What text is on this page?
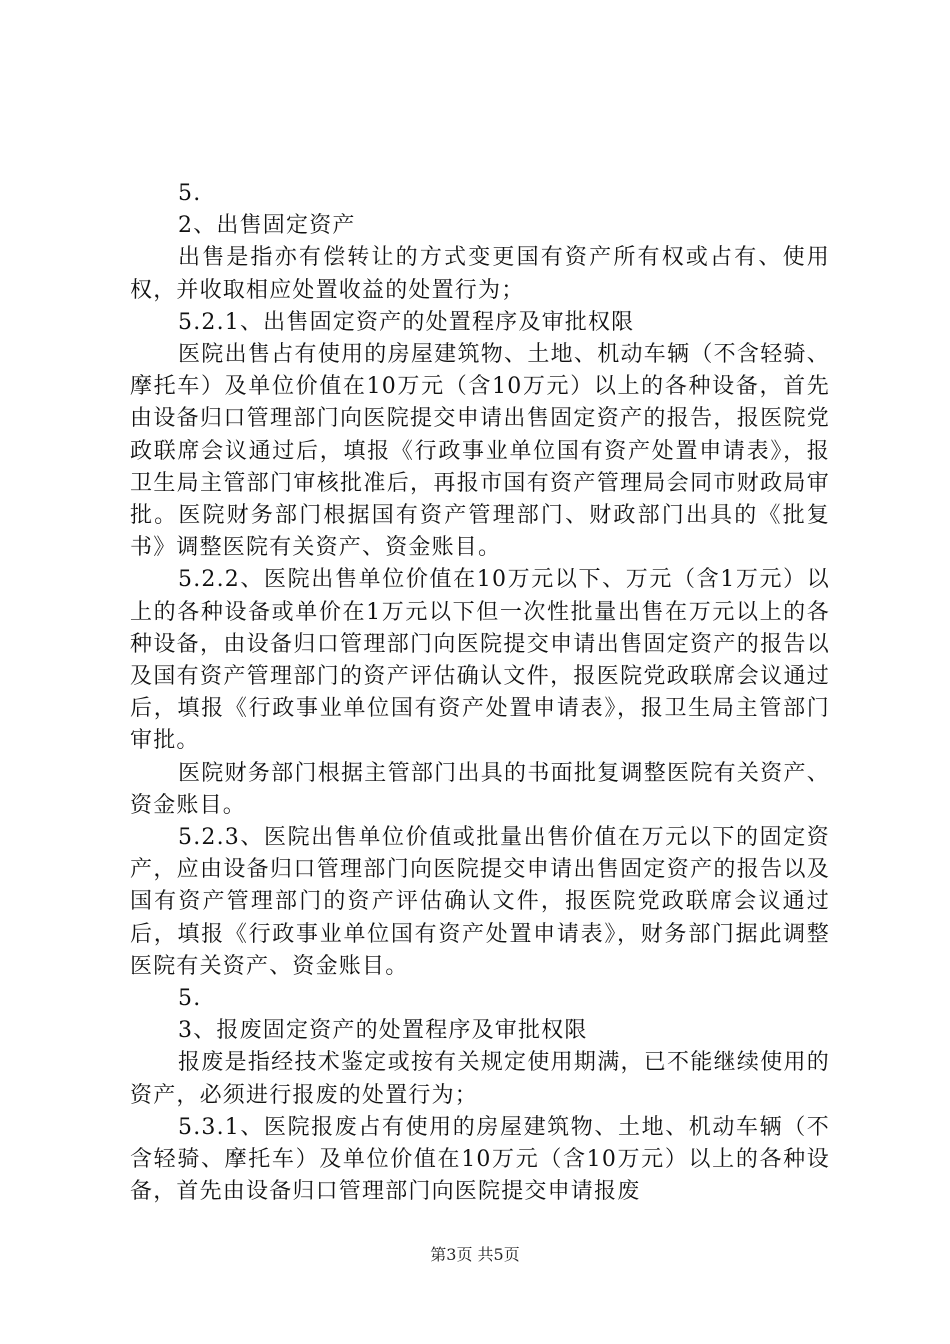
5.

2、出售固定资产

出售是指亦有偿转让的方式变更国有资产所有权或占有、使用权，并收取相应处置收益的处置行为；

5.2.1、出售固定资产的处置程序及审批权限

医院出售占有使用的房屋建筑物、土地、机动车辆（不含轻骑、摩托车）及单位价值在10万元（含10万元）以上的各种设备，首先由设备归口管理部门向医院提交申请出售固定资产的报告，报医院党政联席会议通过后，填报《行政事业单位国有资产处置申请表》，报卫生局主管部门审核批准后，再报市国有资产管理局会同市财政局审批。医院财务部门根据国有资产管理部门、财政部门出具的《批复书》调整医院有关资产、资金账目。

5.2.2、医院出售单位价值在10万元以下、万元（含1万元）以上的各种设备或单价在1万元以下但一次性批量出售在万元以上的各种设备，由设备归口管理部门向医院提交申请出售固定资产的报告以及国有资产管理部门的资产评估确认文件，报医院党政联席会议通过后，填报《行政事业单位国有资产处置申请表》，报卫生局主管部门审批。

医院财务部门根据主管部门出具的书面批复调整医院有关资产、资金账目。

5.2.3、医院出售单位价值或批量出售价值在万元以下的固定资产，应由设备归口管理部门向医院提交申请出售固定资产的报告以及国有资产管理部门的资产评估确认文件，报医院党政联席会议通过后，填报《行政事业单位国有资产处置申请表》，财务部门据此调整医院有关资产、资金账目。

5.

3、报废固定资产的处置程序及审批权限

报废是指经技术鉴定或按有关规定使用期满，已不能继续使用的资产，必须进行报废的处置行为；

5.3.1、医院报废占有使用的房屋建筑物、土地、机动车辆（不含轻骑、摩托车）及单位价值在10万元（含10万元）以上的各种设备，首先由设备归口管理部门向医院提交申请报废

第3页 共5页
